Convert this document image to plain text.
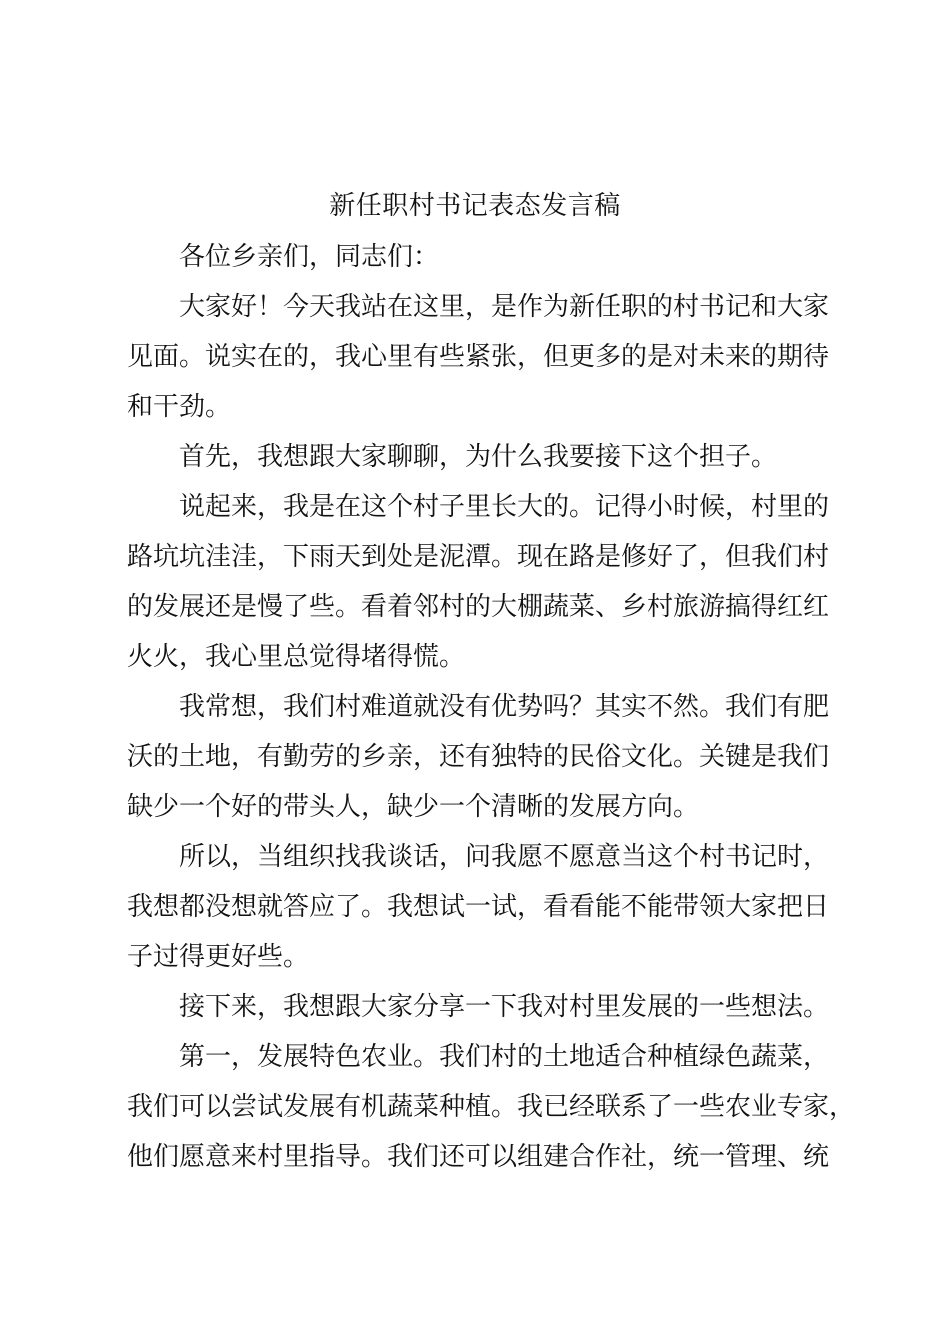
新任职村书记表态发言稿

各位乡亲们，同志们：

大家好！今天我站在这里，是作为新任职的村书记和大家
见面。说实在的，我心里有些紧张，但更多的是对未来的期待
和干劲。

首先，我想跟大家聊聊，为什么我要接下这个担子。

说起来，我是在这个村子里长大的。记得小时候，村里的
路坑坑洼洼，下雨天到处是泥潭。现在路是修好了，但我们村
的发展还是慢了些。看着邻村的大棚蔬菜、乡村旅游搞得红红
火火，我心里总觉得堵得慌。

我常想，我们村难道就没有优势吗？其实不然。我们有肥
沃的土地，有勤劳的乡亲，还有独特的民俗文化。关键是我们
缺少一个好的带头人，缺少一个清晰的发展方向。

所以，当组织找我谈话，问我愿不愿意当这个村书记时，
我想都没想就答应了。我想试一试，看看能不能带领大家把日
子过得更好些。

接下来，我想跟大家分享一下我对村里发展的一些想法。

第一，发展特色农业。我们村的土地适合种植绿色蔬菜，
我们可以尝试发展有机蔬菜种植。我已经联系了一些农业专家，
他们愿意来村里指导。我们还可以组建合作社，统一管理、统
